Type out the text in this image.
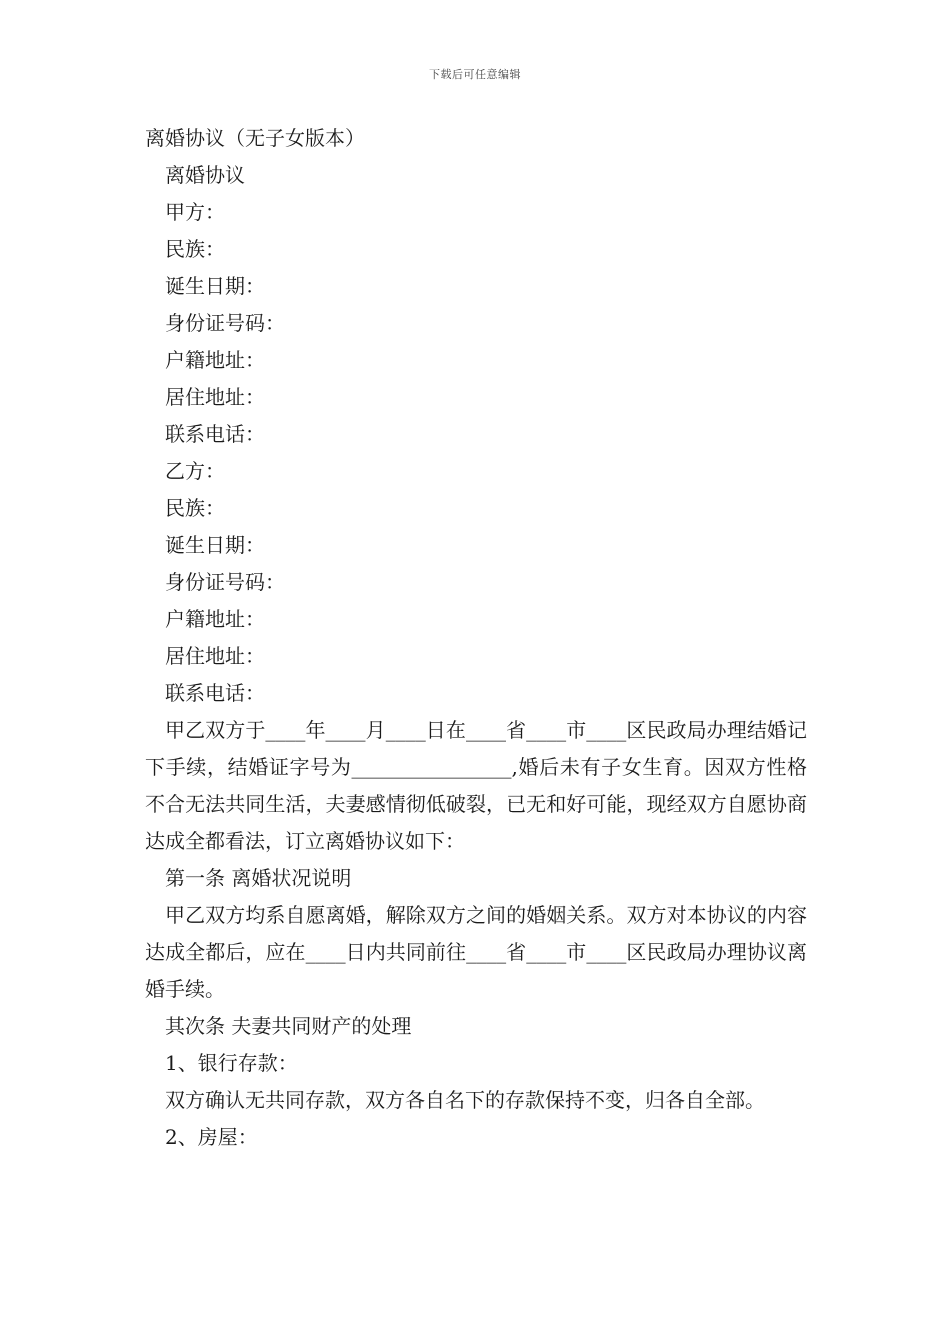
下载后可任意编辑
离婚协议（无子女版本）
离婚协议
甲方：
民族：
诞生日期：
身份证号码：
户籍地址：
居住地址：
联系电话：
乙方：
民族：
诞生日期：
身份证号码：
户籍地址：
居住地址：
联系电话：
甲乙双方于____年____月____日在____省____市____区民政局办理结婚记下手续，结婚证字号为________________,婚后未有子女生育。因双方性格不合无法共同生活，夫妻感情彻低破裂，已无和好可能，现经双方自愿协商达成全都看法，订立离婚协议如下：
第一条 离婚状况说明
甲乙双方均系自愿离婚，解除双方之间的婚姻关系。双方对本协议的内容达成全都后，应在____日内共同前往____省____市____区民政局办理协议离婚手续。
其次条 夫妻共同财产的处理
1、银行存款：
双方确认无共同存款，双方各自名下的存款保持不变，归各自全部。
2、房屋：
